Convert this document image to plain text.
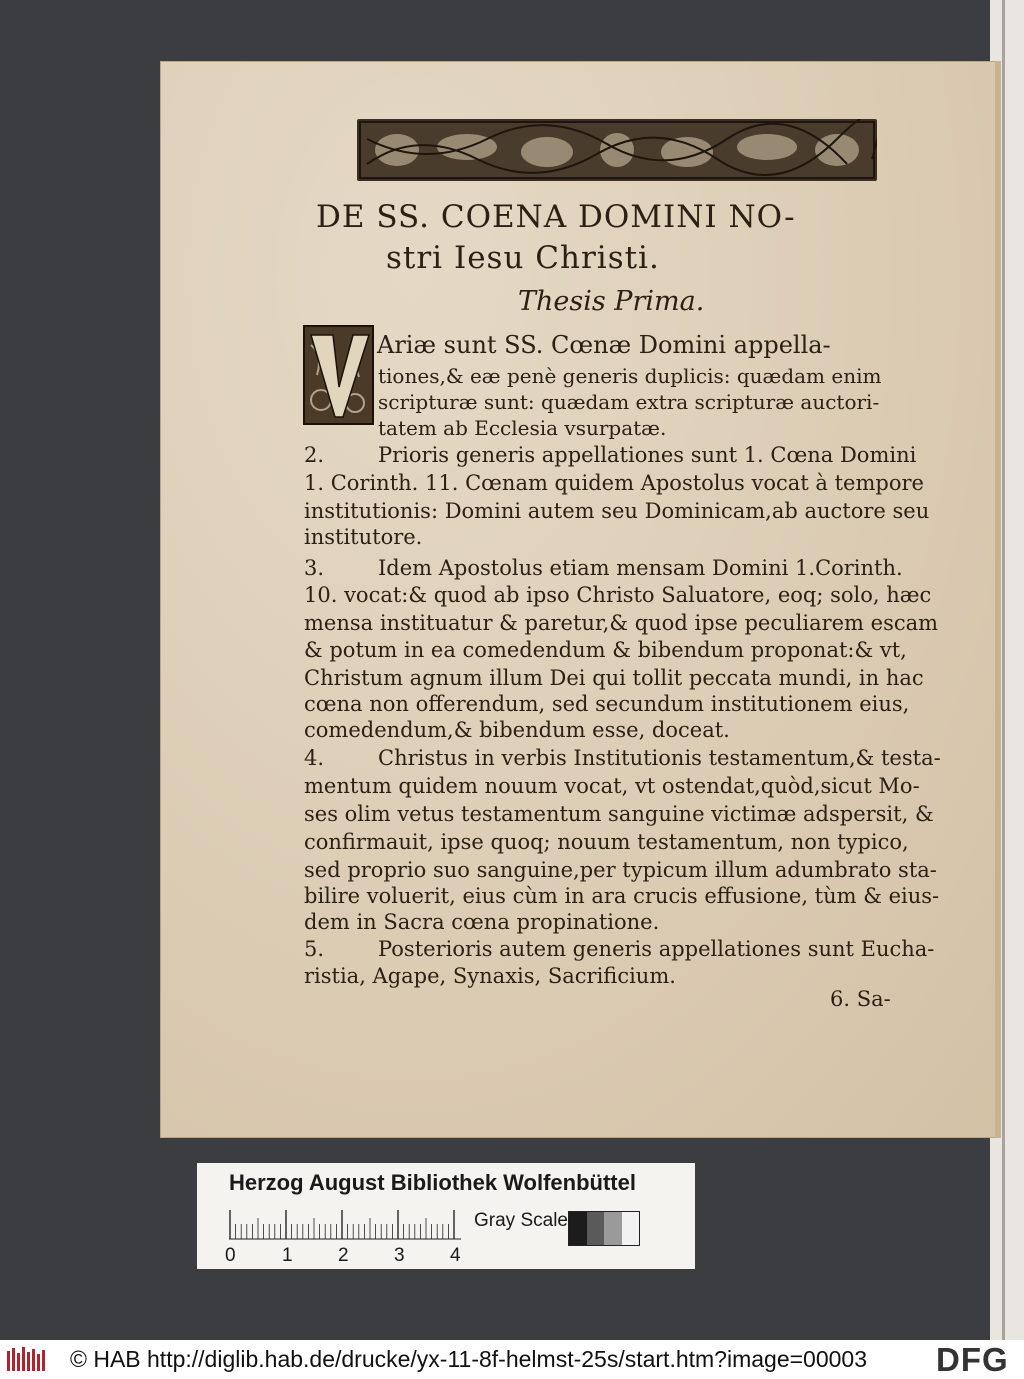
DE SS. COENA DOMINI NO-
stri Iesu Christi.
Thesis Prima.
Ariæ sunt SS. Cœnæ Domini appella-
tiones,& eæ penè generis duplicis: quædam enim
scripturæ sunt: quædam extra scripturæ auctori-
tatem ab Ecclesia vsurpatæ.
2.	Prioris generis appellationes sunt 1. Cœna Domini
1. Corinth. 11. Cœnam quidem Apostolus vocat à tempore
institutionis: Domini autem seu Dominicam,ab auctore seu
institutore.
3.	Idem Apostolus etiam mensam Domini 1.Corinth.
10. vocat:& quod ab ipso Christo Saluatore, eoq; solo, hæc
mensa instituatur & paretur,& quod ipse peculiarem escam
& potum in ea comedendum & bibendum proponat:& vt,
Christum agnum illum Dei qui tollit peccata mundi, in hac
cœna non offerendum, sed secundum institutionem eius,
comedendum,& bibendum esse, doceat.
4.	Christus in verbis Institutionis testamentum,& testa-
mentum quidem nouum vocat, vt ostendat,quòd,sicut Mo-
ses olim vetus testamentum sanguine victimæ adspersit, &
confirmauit, ipse quoq; nouum testamentum, non typico,
sed proprio suo sanguine,per typicum illum adumbrato sta-
bilire voluerit, eius cùm in ara crucis effusione, tùm & eius-
dem in Sacra cœna propinatione.
5.	Posterioris autem generis appellationes sunt Eucha-
ristia, Agape, Synaxis, Sacrificium.
6. Sa-
Herzog August Bibliothek Wolfenbüttel
0 1 2 3 4
Gray Scale
© HAB http://diglib.hab.de/drucke/yx-11-8f-helmst-25s/start.htm?image=00003 DFG
